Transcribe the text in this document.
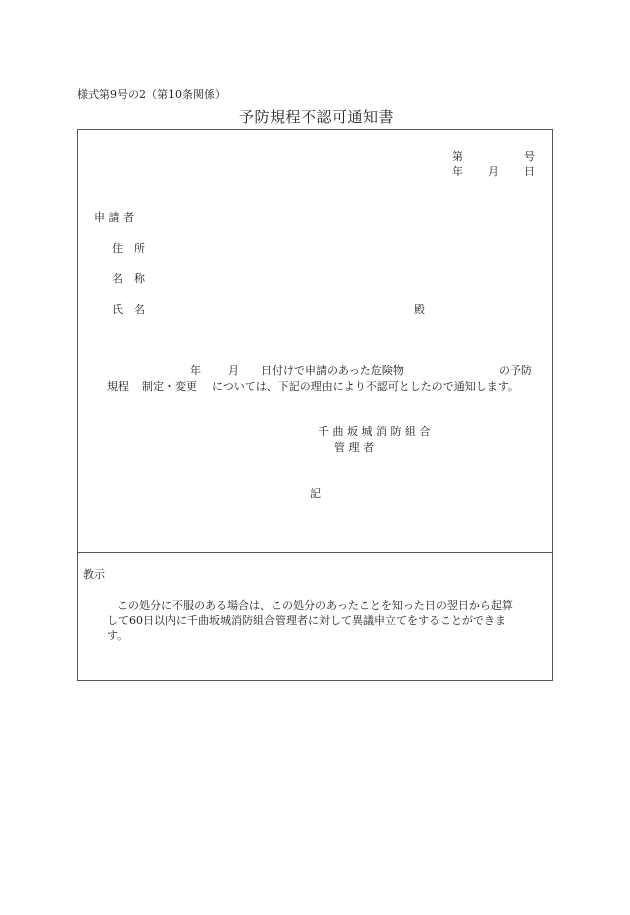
様式第9号の2（第10条関係）
予防規程不認可通知書
第	号
年 月 日
申 請 者
住　所
名　称
氏　名	殿
年 月 日付けで申請のあった危険物	の予防
規程 制定・変更 については、下記の理由により不認可としたので通知します。
千 曲 坂 城 消 防 組 合
管 理 者
記
教示
この処分に不服のある場合は、この処分のあったことを知った日の翌日から起算
して60日以内に千曲坂城消防組合管理者に対して異議申立てをすることができま
す。
